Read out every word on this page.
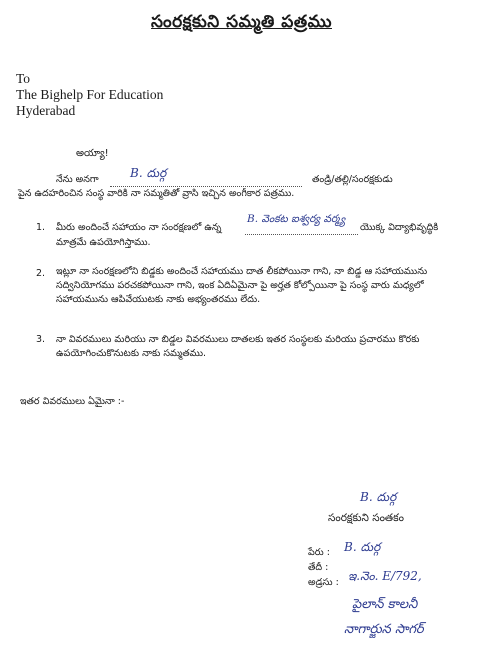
సంరక్షకుని సమ్మతి పత్రము
To
The Bighelp For Education
Hyderabad
అయ్యా!
నేను అనగా	B. దుర్గ	తండ్రి/తల్లి/సంరక్షకుడు
పైన ఉదహరించిన సంస్థ వారికి నా సమ్మతితో వ్రాసి ఇచ్చిన అంగీకార పత్రము.
1. మీరు అందించే సహాయం నా సంరక్షణలో ఉన్న
B. వెంకట ఐశ్వర్య వర్మ్య
యొక్క విద్యాభివృద్ధికి
మాత్రమే ఉపయోగిస్తాము.
2. ఇట్లూ నా సంరక్షణలోని బిడ్డకు అందించే సహాయము దాత లీకపోయినా గాని, నా బిడ్డ ఆ సహాయమును
సద్వినియోగము పరచకపోయినా గాని, ఇంక ఏదిఏమైనా పై అర్హత కోల్పోయినా పై సంస్థ వారు మధ్యలో
సహాయమును ఆపివేయుటకు నాకు అభ్యంతరము లేదు.
3. నా వివరములు మరియు నా బిడ్డల వివరములు దాతలకు ఇతర సంస్థలకు మరియు ప్రచారము కొరకు
ఉపయోగించుకొనుటకు నాకు సమ్మతము.
ఇతర వివరములు ఏమైనా :-
B. దుర్గ
సంరక్షకుని సంతకం
పేరు : B. దుర్గ
తేదీ :
అడ్రసు : ఇ.నెం. E/792,
పైలాన్ కాలనీ
నాగార్జున సాగర్
